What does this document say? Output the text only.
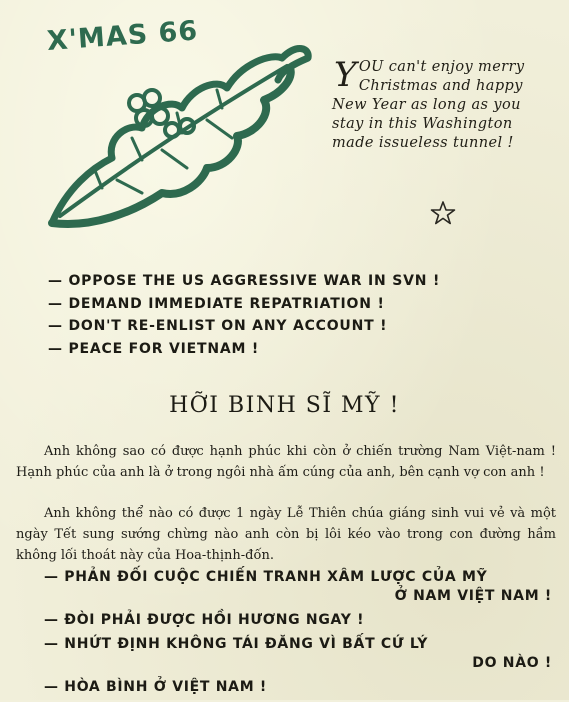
X'MAS 66
Y OU can't enjoy merry
Christmas and happy
New Year as long as you
stay in this Washington
made issueless tunnel !
— OPPOSE THE US AGGRESSIVE WAR IN SVN !
— DEMAND IMMEDIATE REPATRIATION !
— DON'T RE-ENLIST ON ANY ACCOUNT !
— PEACE FOR VIETNAM !
HỠI BINH SĨ MỸ !
Anh không sao có được hạnh phúc khi còn ở chiến trường Nam Việt-nam ! Hạnh phúc của anh là ở trong ngôi nhà ấm cúng của anh, bên cạnh vợ con anh !
Anh không thể nào có được 1 ngày Lễ Thiên chúa giáng sinh vui vẻ và một ngày Tết sung sướng chừng nào anh còn bị lôi kéo vào trong con đường hầm không lối thoát này của Hoa-thịnh-đốn.
— PHẢN ĐỐI CUỘC CHIẾN TRANH XÂM LƯỢC CỦA MỸ
Ở NAM VIỆT NAM !
— ĐÒI PHẢI ĐƯỢC HỒI HƯƠNG NGAY !
— NHỨT ĐỊNH KHÔNG TÁI ĐĂNG VÌ BẤT CỨ LÝ
DO NÀO !
— HÒA BÌNH Ở VIỆT NAM !
